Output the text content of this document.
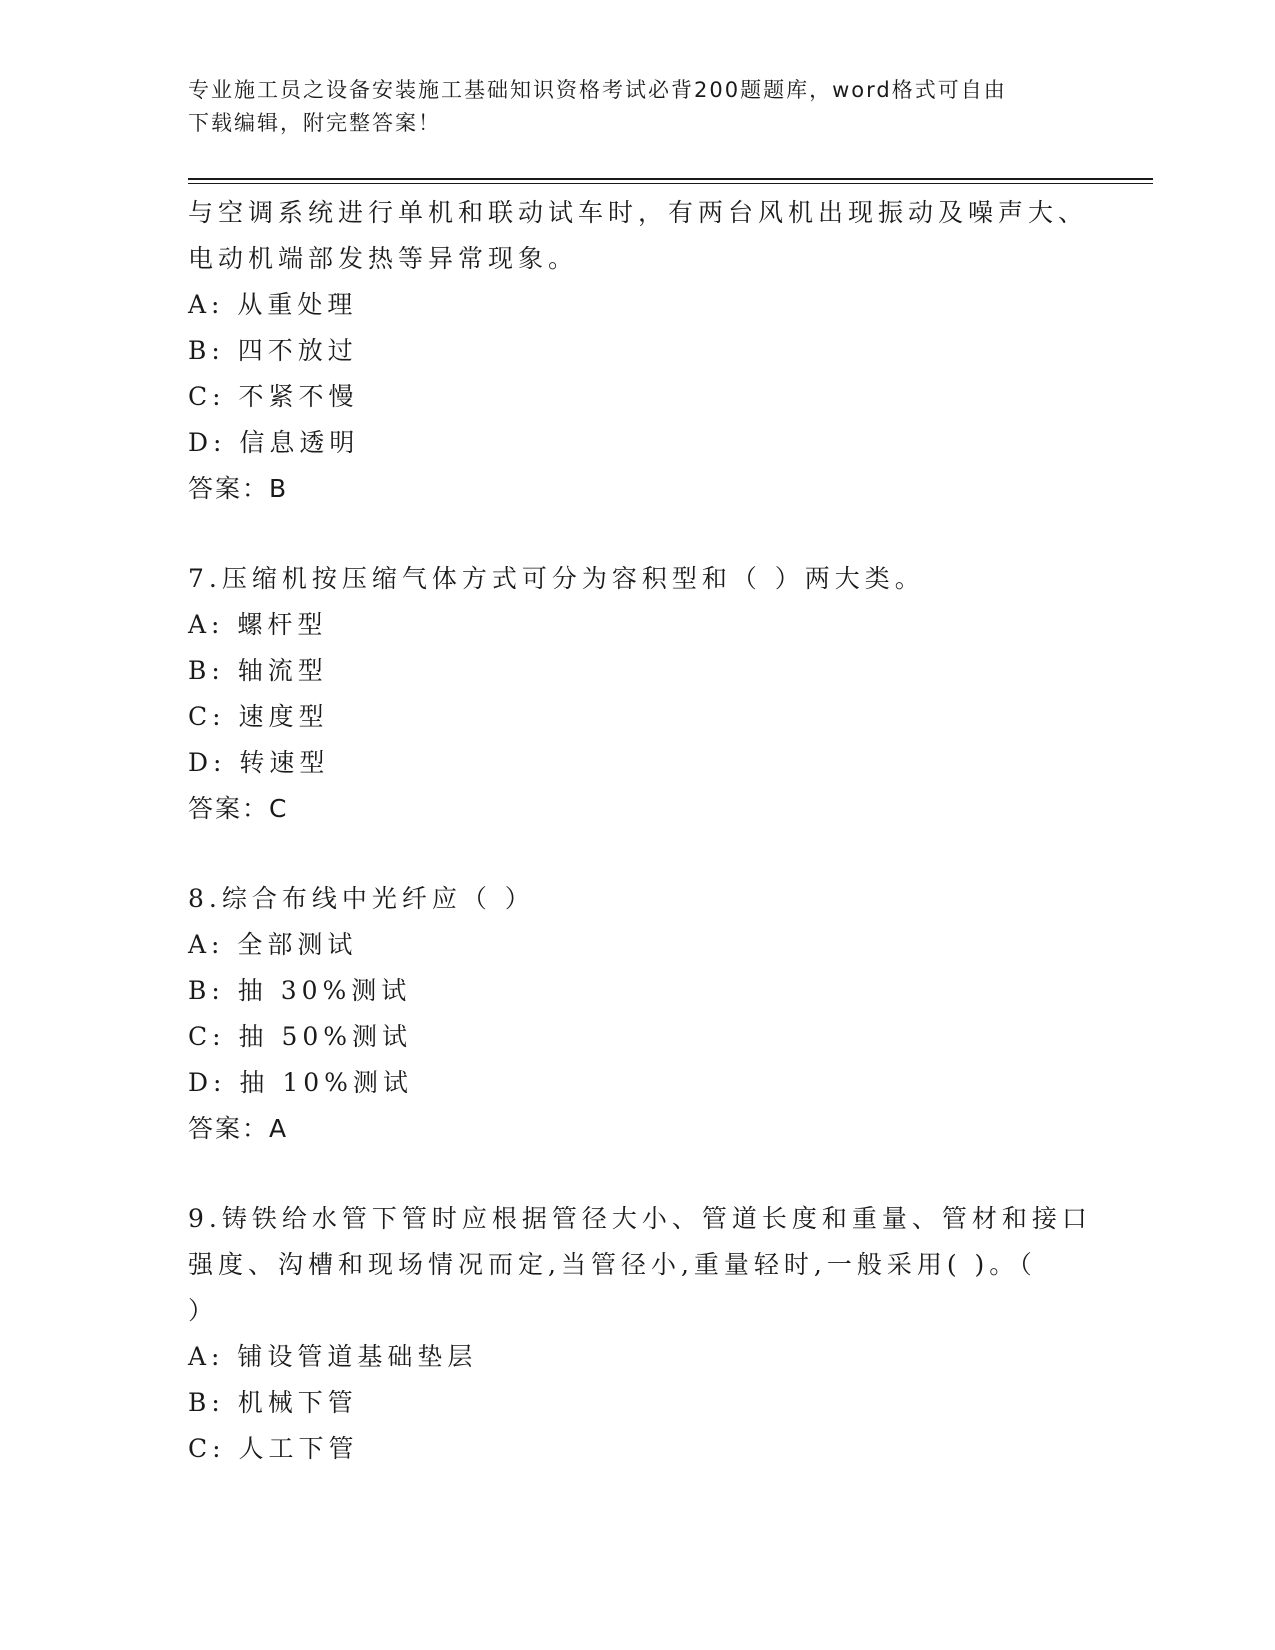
专业施工员之设备安装施工基础知识资格考试必背200题题库，word格式可自由
下载编辑，附完整答案！
与空调系统进行单机和联动试车时，有两台风机出现振动及噪声大、
电动机端部发热等异常现象。
A: 从重处理
B: 四不放过
C: 不紧不慢
D: 信息透明
答案：B
7.压缩机按压缩气体方式可分为容积型和（ ）两大类。
A: 螺杆型
B: 轴流型
C: 速度型
D: 转速型
答案：C
8.综合布线中光纤应（ ）
A: 全部测试
B: 抽 30%测试
C: 抽 50%测试
D: 抽 10%测试
答案：A
9.铸铁给水管下管时应根据管径大小、管道长度和重量、管材和接口
强度、沟槽和现场情况而定,当管径小,重量轻时,一般采用( )。（
）
A: 铺设管道基础垫层
B: 机械下管
C: 人工下管
